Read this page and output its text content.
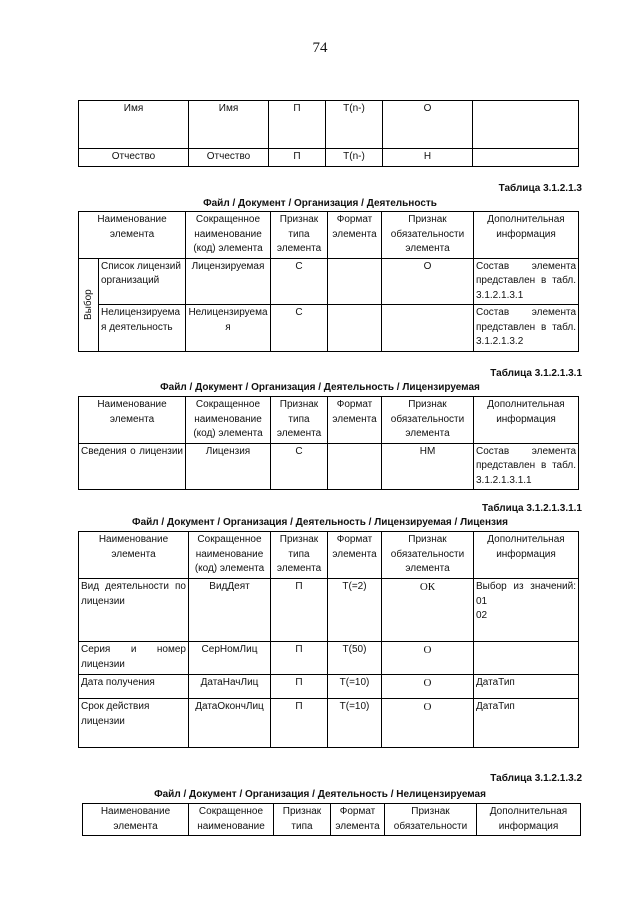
74
Имя	Имя	П	T(n-)	О	
Отчество	Отчество	П	T(n-)	Н	
Таблица 3.1.2.1.3
Файл / Документ / Организация / Деятельность
Наименование элемента		Сокращенное наименование (код) элемента	Признак типа элемента	Формат элемента	Признак обязательности элемента	Дополнительная информация
Выбор	Список лицензий организаций	Лицензируемая	С		О	Состав элемента представлен в табл. 3.1.2.1.3.1
	Нелицензируемая деятельность	Нелицензируемая	С			Состав элемента представлен в табл. 3.1.2.1.3.2
Таблица 3.1.2.1.3.1
Файл / Документ / Организация / Деятельность / Лицензируемая
Наименование элемента	Сокращенное наименование (код) элемента	Признак типа элемента	Формат элемента	Признак обязательности элемента	Дополнительная информация
Сведения о лицензии	Лицензия	С		НМ	Состав элемента представлен в табл. 3.1.2.1.3.1.1
Таблица 3.1.2.1.3.1.1
Файл / Документ / Организация / Деятельность / Лицензируемая / Лицензия
Наименование элемента	Сокращенное наименование (код) элемента	Признак типа элемента	Формат элемента	Признак обязательности элемента	Дополнительная информация
Вид деятельности по лицензии	ВидДеят	П	T(=2)	ОК	Выбор из значений:
01
02

Серия и номер лицензии	СерНомЛиц	П	T(50)	О	
Дата получения	ДатаНачЛиц	П	T(=10)	О	ДатаТип
Срок действия лицензии	ДатаОкончЛиц	П	T(=10)	О	ДатаТип
Таблица 3.1.2.1.3.2
Файл / Документ / Организация / Деятельность / Нелицензируемая
Наименование элемента	Сокращенное наименование	Признак типа	Формат элемента	Признак обязательности	Дополнительная информация
